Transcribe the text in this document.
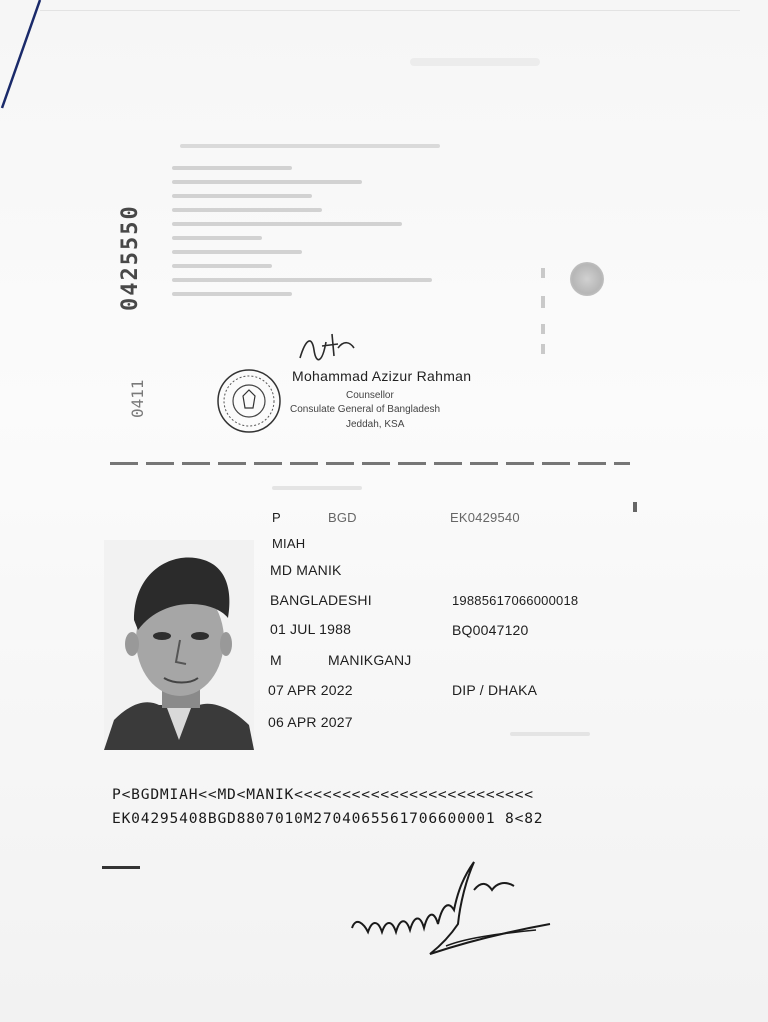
0425550
0411
Mohammad Azizur Rahman
Counsellor
Consulate General of Bangladesh
Jeddah, KSA
P	BGD	EK0429540
MIAH
MD MANIK
BANGLADESHI	19885617066000018
01 JUL 1988	BQ0047120
M	MANIKGANJ
07 APR 2022	DIP / DHAKA
06 APR 2027
P<BGDMIAH<<MD<MANIK<<<<<<<<<<<<<<<<<<<<<<<<<
EK04295408BGD8807010M2704065561706600001 8<82
